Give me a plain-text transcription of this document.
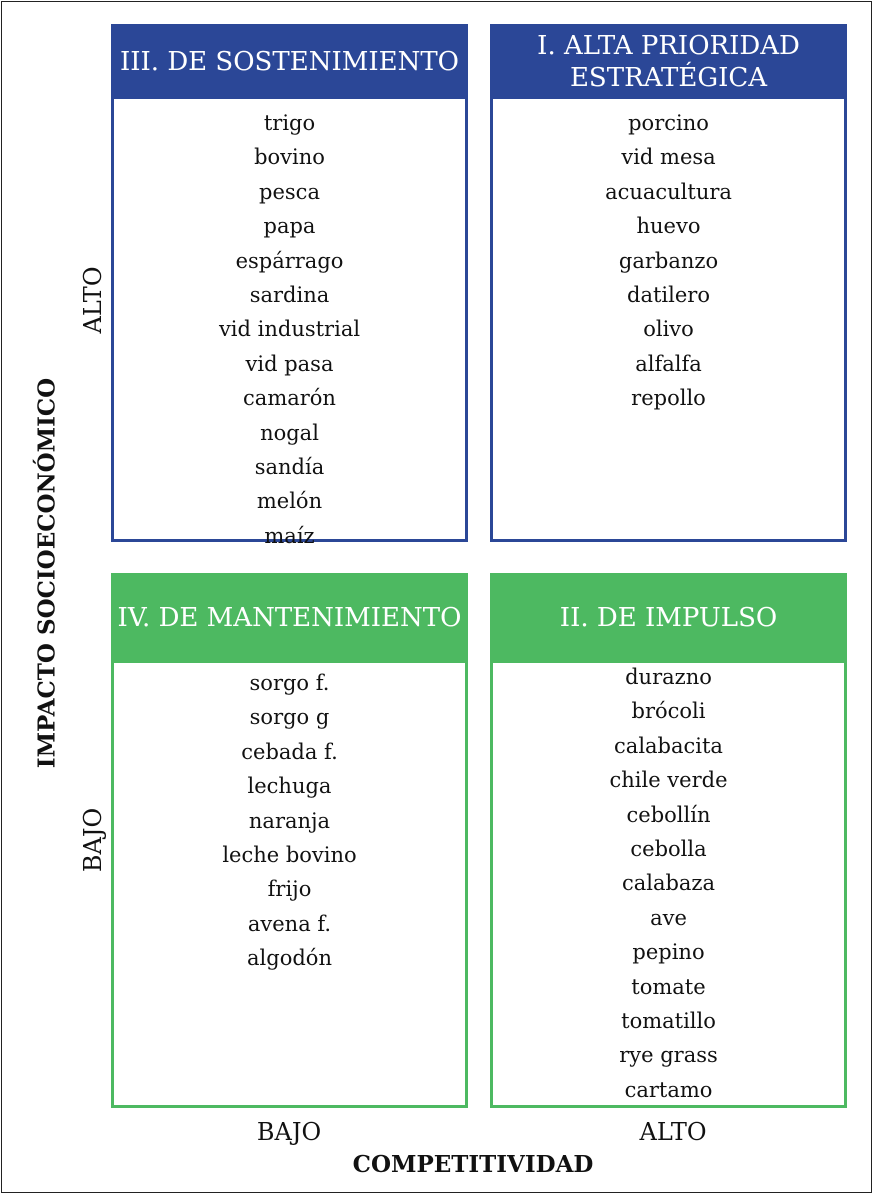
III. DE SOSTENIMIENTO
trigo
bovino
pesca
papa
espárrago
sardina
vid industrial
vid pasa
camarón
nogal
sandía
melón
maíz
I. ALTA PRIORIDAD
ESTRATÉGICA
porcino
vid mesa
acuacultura
huevo
garbanzo
datilero
olivo
alfalfa
repollo
IV. DE MANTENIMIENTO
sorgo f.
sorgo g
cebada f.
lechuga
naranja
leche bovino
frijo
avena f.
algodón
II. DE IMPULSO
durazno
brócoli
calabacita
chile verde
cebollín
cebolla
calabaza
ave
pepino
tomate
tomatillo
rye grass
cartamo
IMPACTO SOCIOECONÓMICO
ALTO
BAJO
BAJO	ALTO
COMPETITIVIDAD
